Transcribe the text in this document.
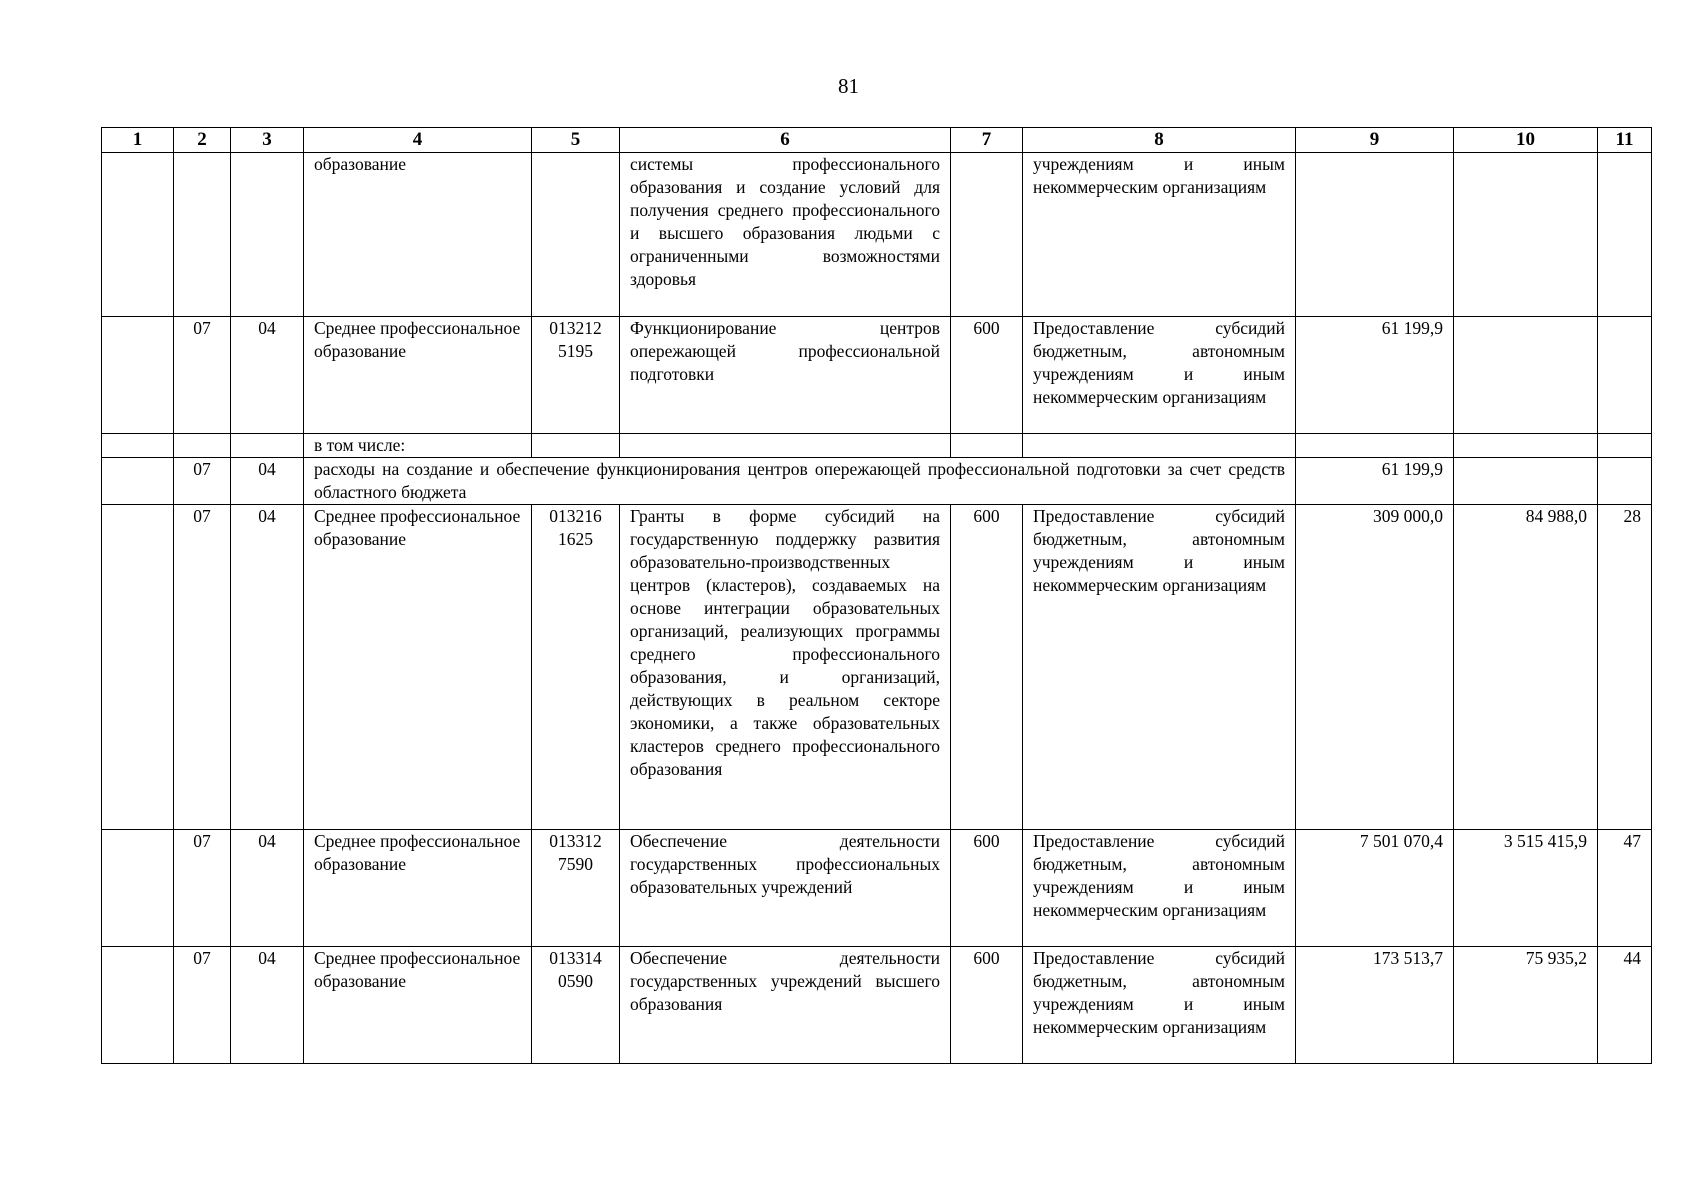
81
1	2	3	4	5	6	7	8	9	10	11
			образование		системы профессионального образования и создание условий для получения среднего профессионального и высшего образования людьми с ограниченными возможностями здоровья		учреждениям и иным некоммерческим организациям			
	07	04	Среднее профессиональное образование	013212 5195	Функционирование центров опережающей профессиональной подготовки	600	Предоставление субсидий бюджетным, автономным учреждениям и иным некоммерческим организациям	61 199,9		
			в том числе:							
	07	04	расходы на создание и обеспечение функционирования центров опережающей профессиональной подготовки за счет средств областного бюджета					61 199,9		
	07	04	Среднее профессиональное образование	013216 1625	Гранты в форме субсидий на государственную поддержку развития образовательно-производственных центров (кластеров), создаваемых на основе интеграции образовательных организаций, реализующих программы среднего профессионального образования, и организаций, действующих в реальном секторе экономики, а также образовательных кластеров среднего профессионального образования	600	Предоставление субсидий бюджетным, автономным учреждениям и иным некоммерческим организациям	309 000,0	84 988,0	28
	07	04	Среднее профессиональное образование	013312 7590	Обеспечение деятельности государственных профессиональных образовательных учреждений	600	Предоставление субсидий бюджетным, автономным учреждениям и иным некоммерческим организациям	7 501 070,4	3 515 415,9	47
	07	04	Среднее профессиональное образование	013314 0590	Обеспечение деятельности государственных учреждений высшего образования	600	Предоставление субсидий бюджетным, автономным учреждениям и иным некоммерческим организациям	173 513,7	75 935,2	44
